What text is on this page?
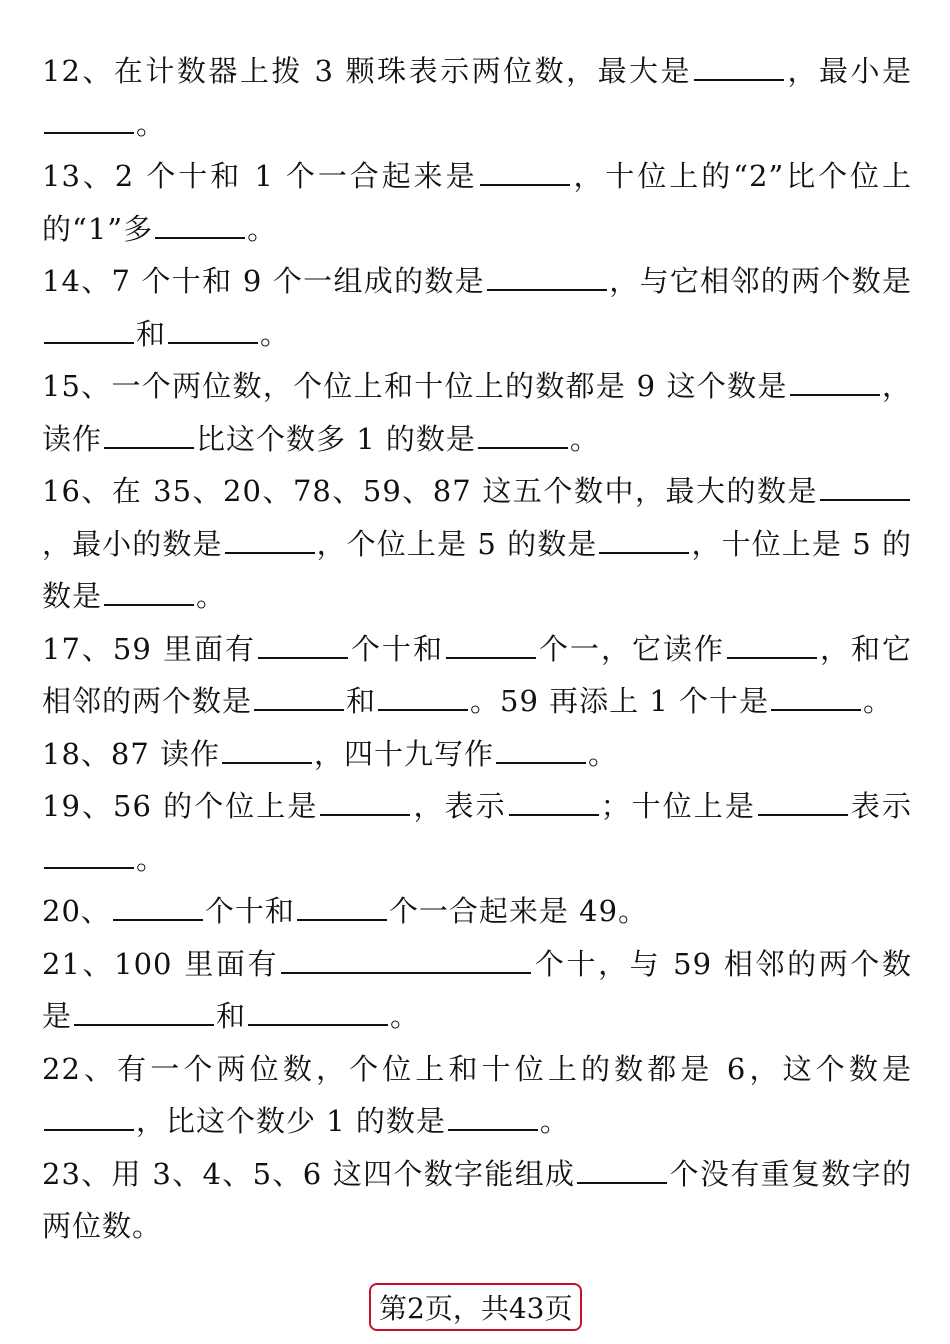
12、在计数器上拨 3 颗珠表示两位数，最大是	，最小是。
13、2 个十和 1 个一合起来是	，十位上的“2”比个位上的“1”多	。
14、7 个十和 9 个一组成的数是	，与它相邻的两个数是和	。
15、一个两位数，个位上和十位上的数都是 9 这个数是	，读作	比这个数多 1 的数是	。
16、在 35、20、78、59、87 这五个数中，最大的数是，最小的数是	，个位上是 5 的数是	，十位上是 5 的数是	。
17、59 里面有	个十和	个一，它读作	，和它相邻的两个数是	和	。59 再添上 1 个十是	。
18、87 读作	，四十九写作	。
19、56 的个位上是	，表示	；十位上是	表示。
20、	个十和	个一合起来是 49。
21、100 里面有	个十，与 59 相邻的两个数是	和	。
22、有一个两位数，个位上和十位上的数都是 6，这个数是，比这个数少 1 的数是	。
23、用 3、4、5、6 这四个数字能组成	个没有重复数字的两位数。
第2页，共43页
